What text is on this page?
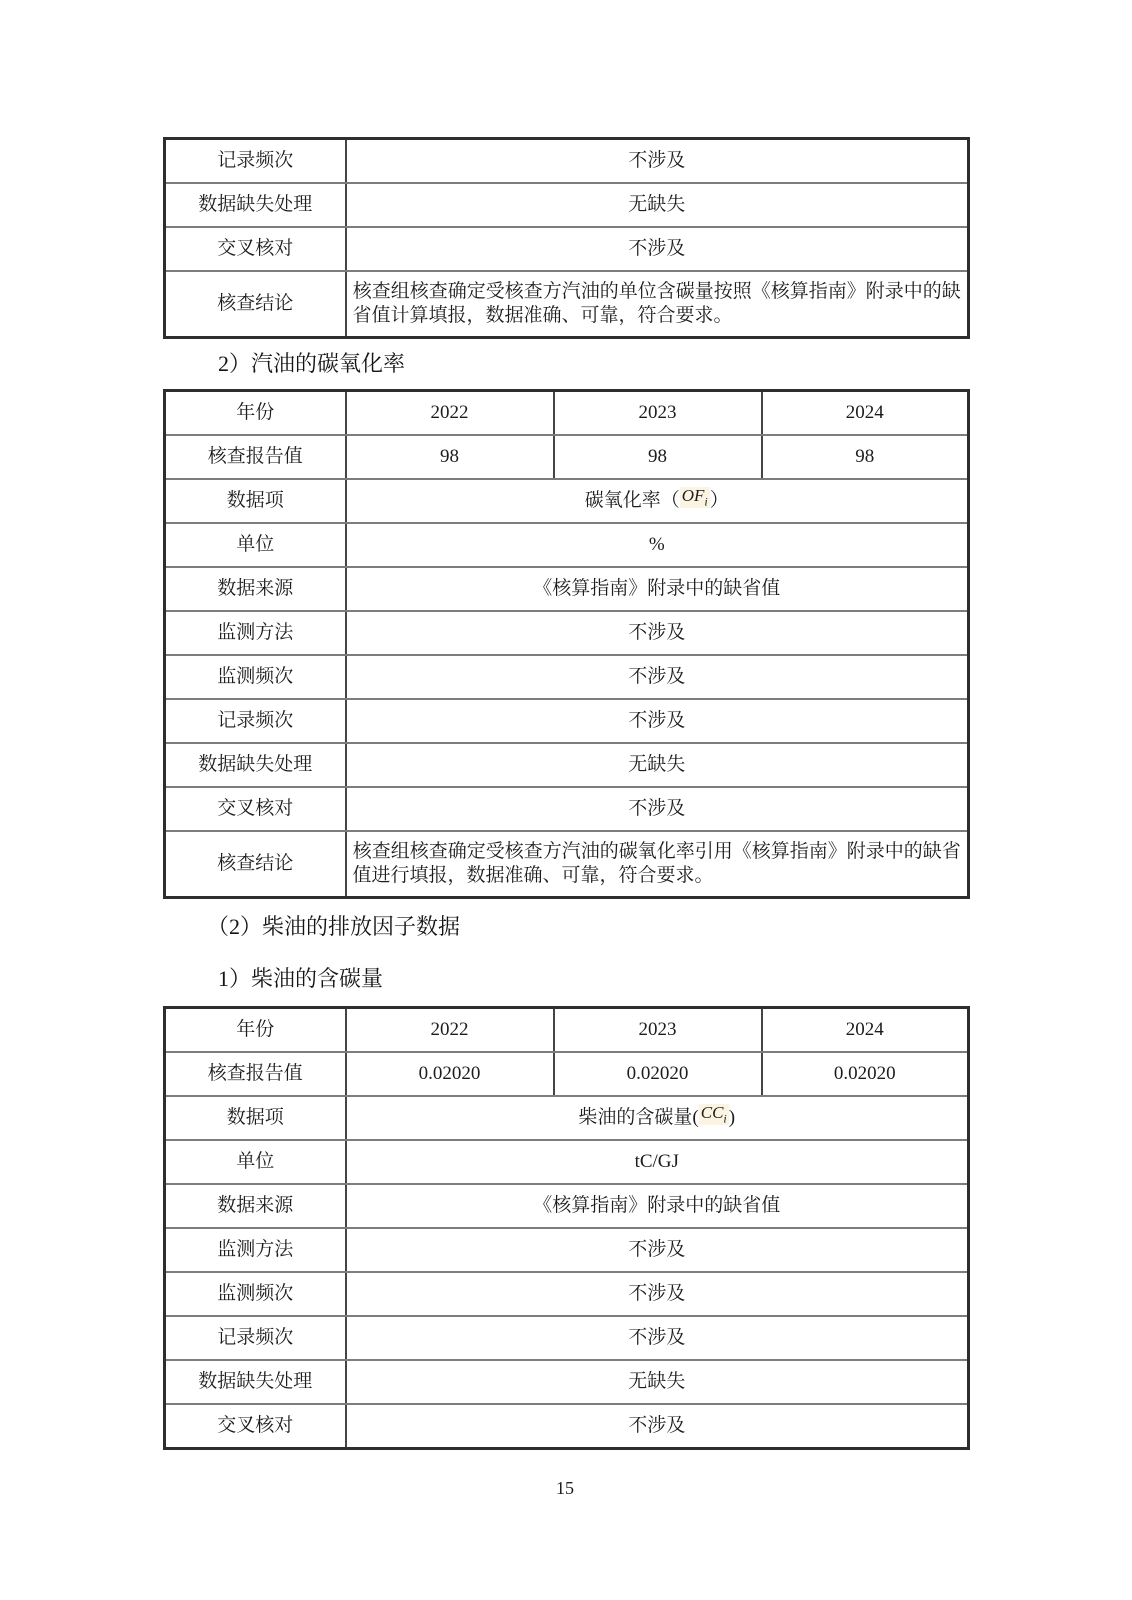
记录频次	不涉及
数据缺失处理	无缺失
交叉核对	不涉及
核查结论	核查组核查确定受核查方汽油的单位含碳量按照《核算指南》附录中的缺省值计算填报，数据准确、可靠，符合要求。
2）汽油的碳氧化率
年份	2022	2023	2024
核查报告值	98	98	98
数据项	碳氧化率（ $OF_i$ ）		
单位	%		
数据来源	《核算指南》附录中的缺省值		
监测方法	不涉及		
监测频次	不涉及		
记录频次	不涉及		
数据缺失处理	无缺失		
交叉核对	不涉及		
核查结论	核查组核查确定受核查方汽油的碳氧化率引用《核算指南》附录中的缺省值进行填报，数据准确、可靠，符合要求。		
（2）柴油的排放因子数据
1）柴油的含碳量
年份	2022	2023	2024
核查报告值	0.02020	0.02020	0.02020
数据项	柴油的含碳量( $CC_i$ )		
单位	tC/GJ		
数据来源	《核算指南》附录中的缺省值		
监测方法	不涉及		
监测频次	不涉及		
记录频次	不涉及		
数据缺失处理	无缺失		
交叉核对	不涉及		
15
